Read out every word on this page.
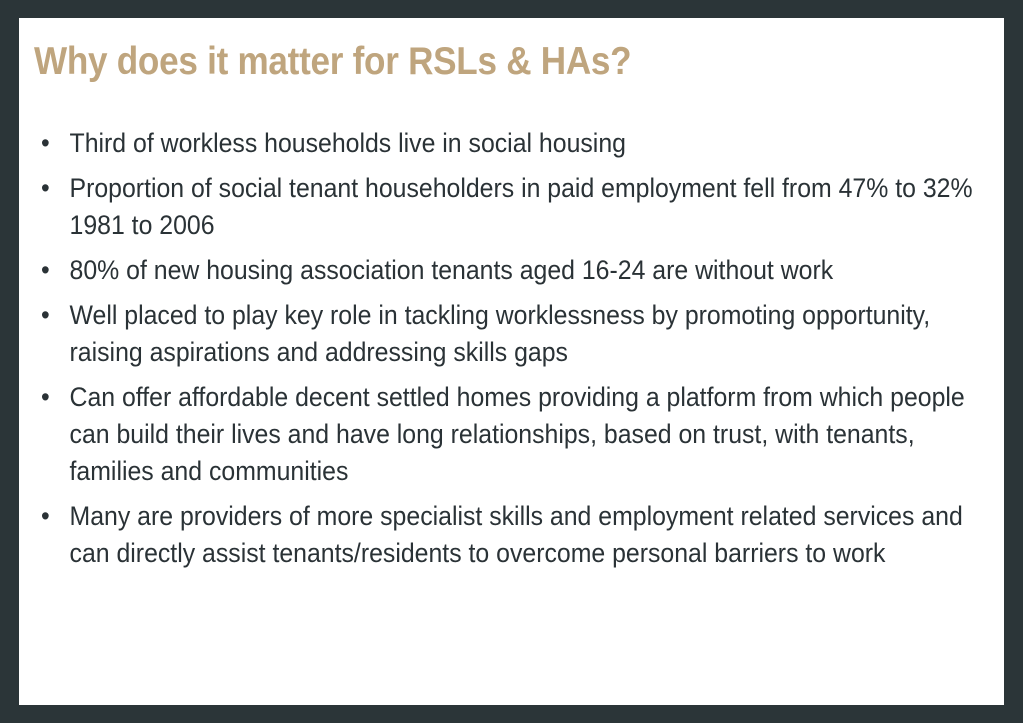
Why does it matter for RSLs & HAs?
• Third of workless households live in social housing
• Proportion of social tenant householders in paid employment fell from 47% to 32% 1981 to 2006
• 80% of new housing association tenants aged 16-24 are without work
• Well placed to play key role in tackling worklessness by promoting opportunity, raising aspirations and addressing skills gaps
• Can offer affordable decent settled homes providing a platform from which people can build their lives and have long relationships, based on trust, with tenants, families and communities
• Many are providers of more specialist skills and employment related services and can directly assist tenants/residents to overcome personal barriers to work
